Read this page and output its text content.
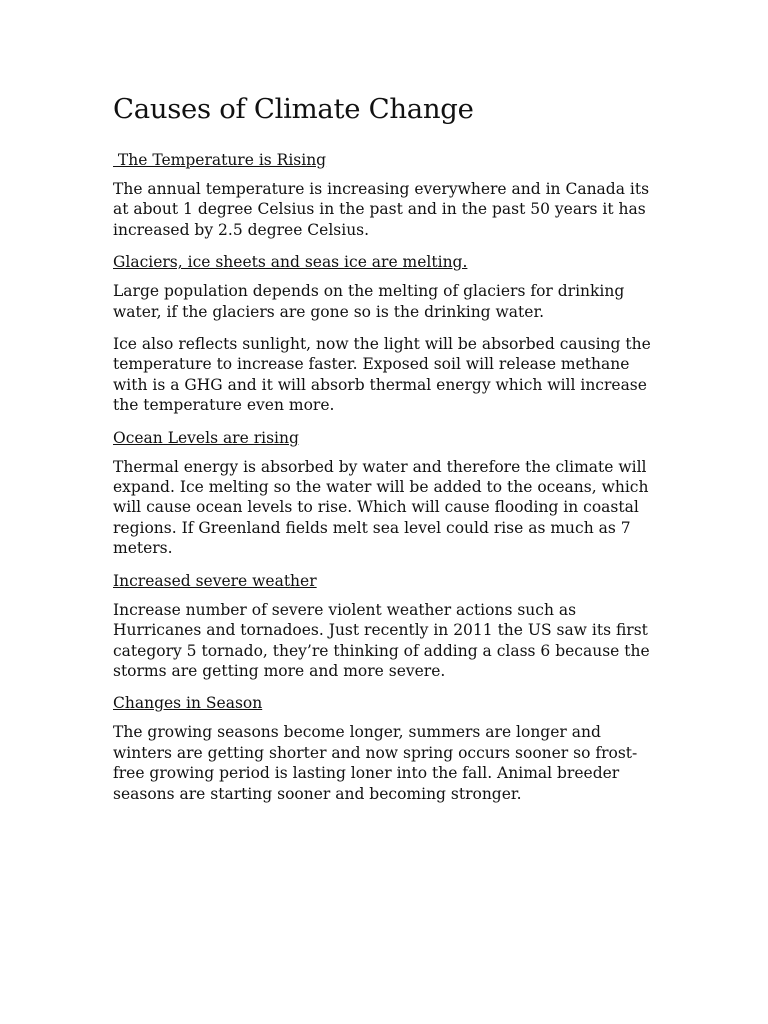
Causes of Climate Change
The Temperature is Rising

The annual temperature is increasing everywhere and in Canada its at about 1 degree Celsius in the past and in the past 50 years it has increased by 2.5 degree Celsius.

Glaciers, ice sheets and seas ice are melting.

Large population depends on the melting of glaciers for drinking water, if the glaciers are gone so is the drinking water.

Ice also reflects sunlight, now the light will be absorbed causing the temperature to increase faster. Exposed soil will release methane with is a GHG and it will absorb thermal energy which will increase the temperature even more.

Ocean Levels are rising

Thermal energy is absorbed by water and therefore the climate will expand. Ice melting so the water will be added to the oceans, which will cause ocean levels to rise. Which will cause flooding in coastal regions. If Greenland fields melt sea level could rise as much as 7 meters.

Increased severe weather

Increase number of severe violent weather actions such as Hurricanes and tornadoes. Just recently in 2011 the US saw its first category 5 tornado, they’re thinking of adding a class 6 because the storms are getting more and more severe.

Changes in Season

The growing seasons become longer, summers are longer and winters are getting shorter and now spring occurs sooner so frost-free growing period is lasting loner into the fall. Animal breeder seasons are starting sooner and becoming stronger.
